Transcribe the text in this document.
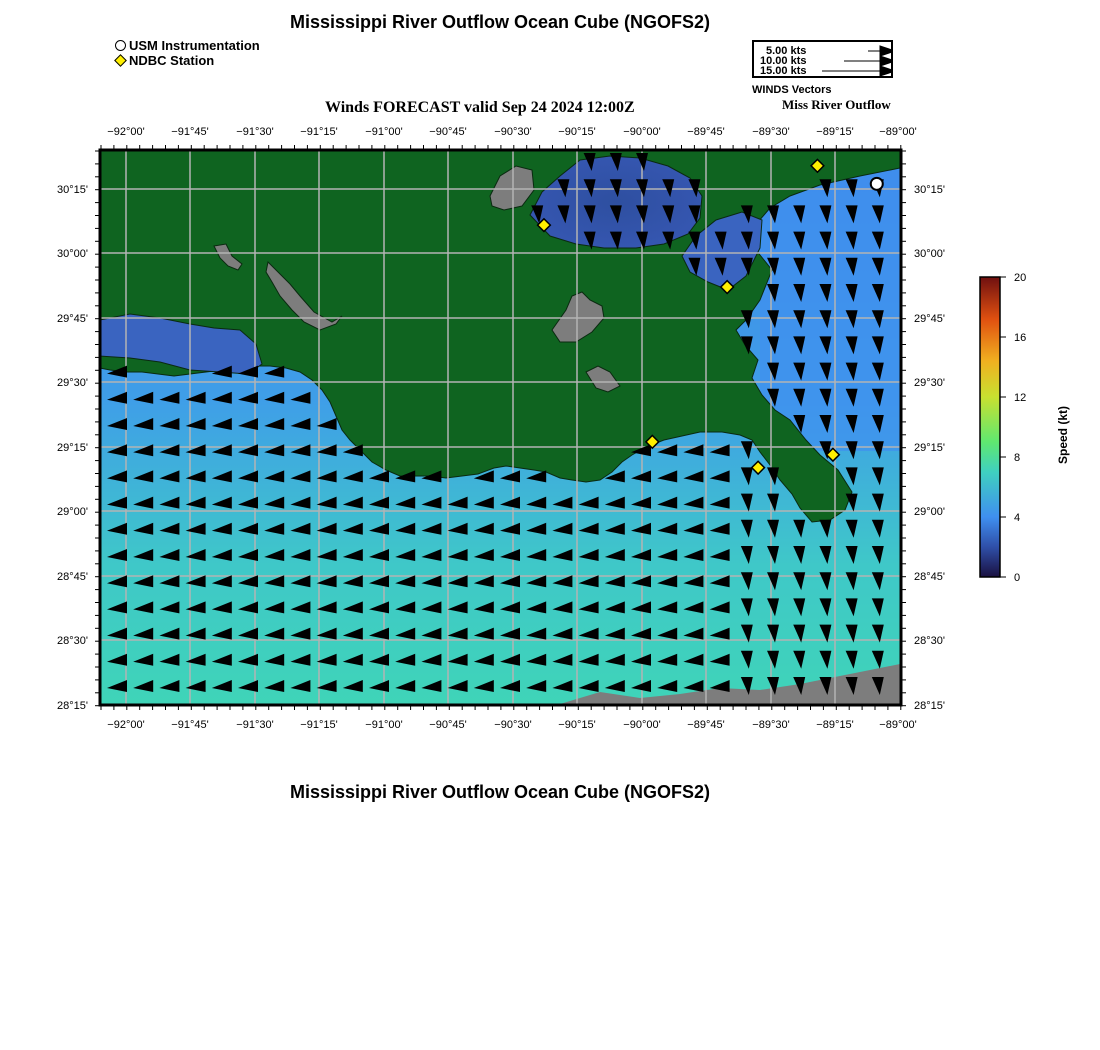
Mississippi River Outflow Ocean Cube (NGOFS2)
USM Instrumentation
NDBC Station
5.00 kts
10.00 kts
15.00 kts
WINDS Vectors
Winds FORECAST valid Sep 24 2024 12:00Z	Miss River Outflow
−92°00' −91°45'	−91°30' −91°15'	−91°00' −90°45'	−90°30' −90°15'	−90°00' −89°45'	−89°30' −89°15' −89°00'
−92°00' −91°45'	−91°30' −91°15'	−91°00' −90°45'	−90°30' −90°15'	−90°00' −89°45'	−89°30' −89°15' −89°00'
30°15'
30°00'
29°45'
29°30'
29°15'
29°00'
28°45'
28°30'
28°15'
30°15'
30°00'
29°45'
29°30'
29°15'
29°00'
28°45'
28°30'
28°15'
20
16
12
8
4
0
Speed (kt)
Mississippi River Outflow Ocean Cube (NGOFS2)
